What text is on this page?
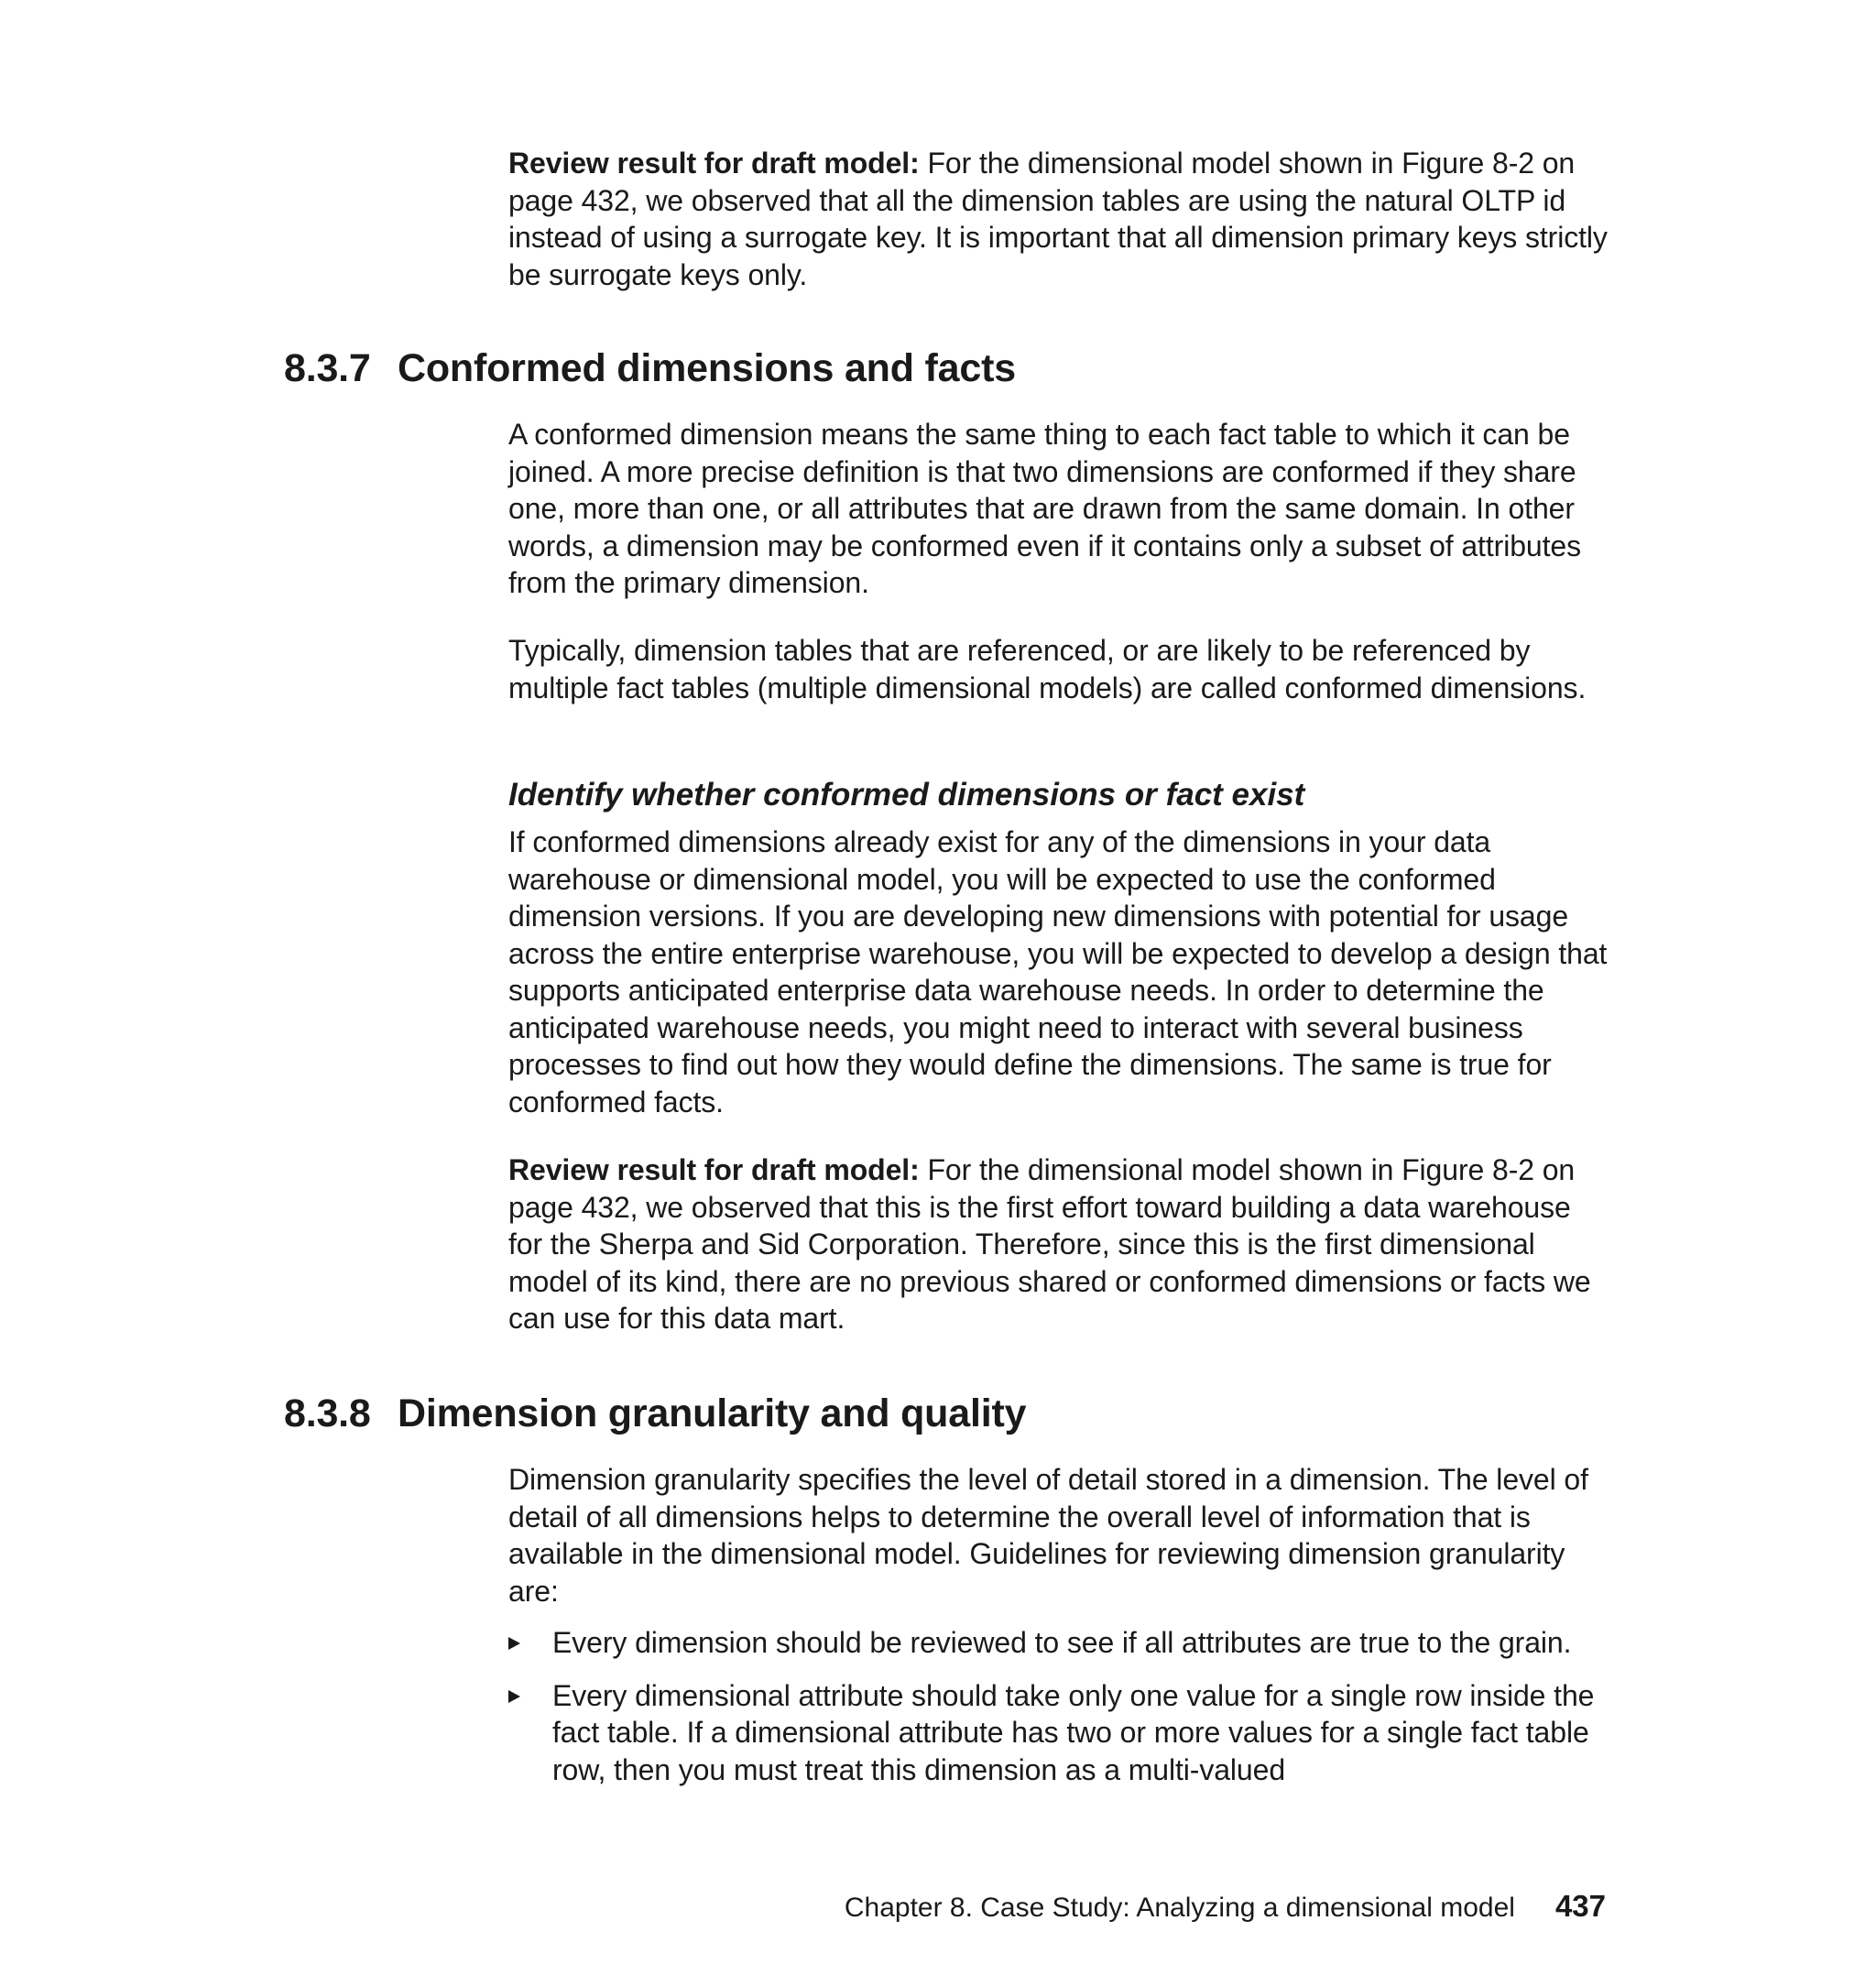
Review result for draft model: For the dimensional model shown in Figure 8-2 on page 432, we observed that all the dimension tables are using the natural OLTP id instead of using a surrogate key. It is important that all dimension primary keys strictly be surrogate keys only.

8.3.7 Conformed dimensions and facts

A conformed dimension means the same thing to each fact table to which it can be joined. A more precise definition is that two dimensions are conformed if they share one, more than one, or all attributes that are drawn from the same domain. In other words, a dimension may be conformed even if it contains only a subset of attributes from the primary dimension.

Typically, dimension tables that are referenced, or are likely to be referenced by multiple fact tables (multiple dimensional models) are called conformed dimensions.

Identify whether conformed dimensions or fact exist

If conformed dimensions already exist for any of the dimensions in your data warehouse or dimensional model, you will be expected to use the conformed dimension versions. If you are developing new dimensions with potential for usage across the entire enterprise warehouse, you will be expected to develop a design that supports anticipated enterprise data warehouse needs. In order to determine the anticipated warehouse needs, you might need to interact with several business processes to find out how they would define the dimensions. The same is true for conformed facts.

Review result for draft model: For the dimensional model shown in Figure 8-2 on page 432, we observed that this is the first effort toward building a data warehouse for the Sherpa and Sid Corporation. Therefore, since this is the first dimensional model of its kind, there are no previous shared or conformed dimensions or facts we can use for this data mart.

8.3.8 Dimension granularity and quality

Dimension granularity specifies the level of detail stored in a dimension. The level of detail of all dimensions helps to determine the overall level of information that is available in the dimensional model. Guidelines for reviewing dimension granularity are:

Every dimension should be reviewed to see if all attributes are true to the grain.
Every dimensional attribute should take only one value for a single row inside the fact table. If a dimensional attribute has two or more values for a single fact table row, then you must treat this dimension as a multi-valued
Chapter 8. Case Study: Analyzing a dimensional model 437
